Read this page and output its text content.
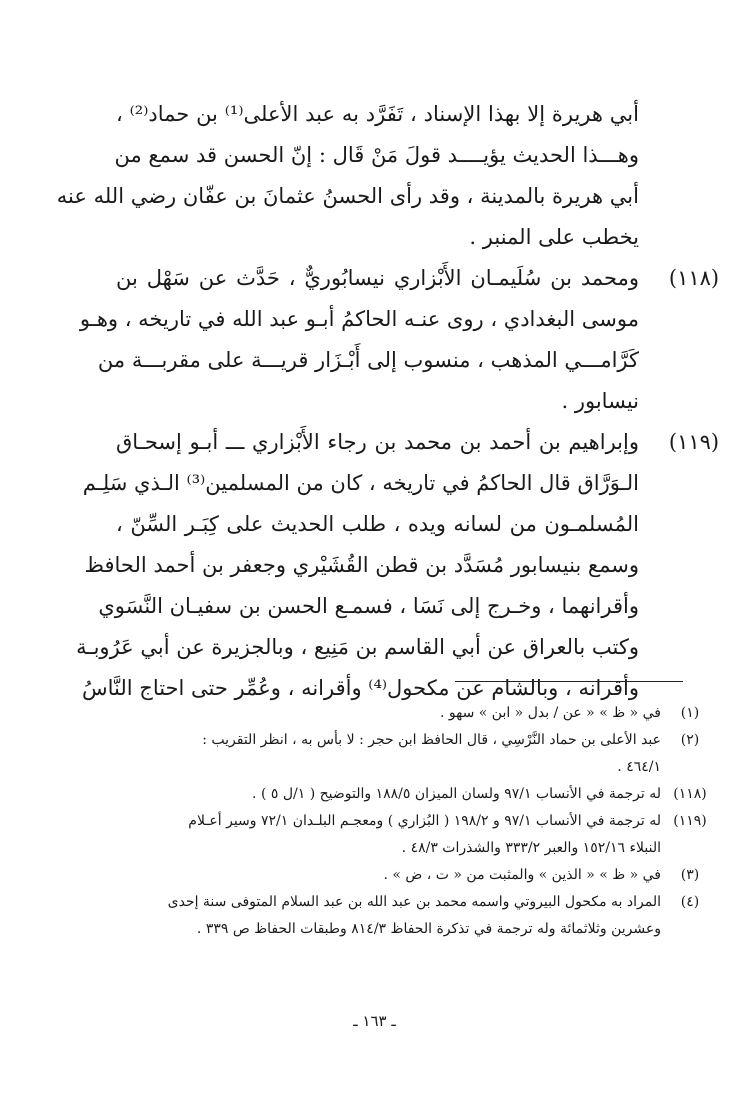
أبي هريرة إلا بهذا الإسناد ، تَفَرَّد به عبد الأعلى⁽¹⁾ بن حماد⁽²⁾ ،
وهـــذا الحديث يؤيــــد قولَ مَنْ قَال : إنّ الحسن قد سمع من
أبي هريرة بالمدينة ، وقد رأى الحسنُ عثمانَ بن عفّان رضي الله عنه
يخطب على المنبر .
(١١٨)
ومحمد بن سُلَيمـان الأَبْزاري نيسابُوريٌّ ، حَدَّث عن سَهْل بن
موسى البغدادي ، روى عنـه الحاكمُ أبـو عبد الله في تاريخه ، وهـو
كَرَّامـــي المذهب ، منسوب إلى أَبْـزَار قريـــة على مقربـــة من
نيسابور .
(١١٩)
وإبراهيم بن أحمد بن محمد بن رجاء الأَبْزاري ـــ أبـو إسحـاق
الـوَرَّاق قال الحاكمُ في تاريخه ، كان من المسلمين⁽³⁾ الـذي سَلِـم
المُسلمـون من لسانه ويده ، طلب الحديث على كِبَـر السِّنّ ،
وسمع بنيسابور مُسَدَّد بن قطن القُشَيْري وجعفر بن أحمد الحافظ
وأقرانهما ، وخـرج إلى نَسَا ، فسمـع الحسن بن سفيـان النَّسَوي
وكتب بالعراق عن أبي القاسم بن مَنِيع ، وبالجزيرة عن أبي عَرُوبـة
وأقرانه ، وبالشام عن مكحول⁽⁴⁾ وأقرانه ، وعُمِّر حتى احتاج النَّاسُ
(١)
في « ظ » « عن / بدل « ابن » سهو .
(٢)
عبد الأعلى بن حماد النَّرْسِي ، قال الحافظ ابن حجر : لا بأس به ، انظر التقريب :
٤٦٤/١ .
(١١٨)
له ترجمة في الأنساب ٩٧/١ ولسان الميزان ١٨٨/٥ والتوضيح ( ١/ل ٥ ) .
(١١٩)
له ترجمة في الأنساب ٩٧/١ و ١٩٨/٢ ( البُزاري ) ومعجـم البلـدان ٧٢/١ وسير أعـلام
النبلاء ١٥٢/١٦ والعبر ٣٣٣/٢ والشذرات ٤٨/٣ .
(٣)
في « ظ » « الذين » والمثبت من « ت ، ض » .
(٤)
المراد به مكحول البيروتي واسمه محمد بن عبد الله بن عبد السلام المتوفى سنة إحدى
وعشرين وثلاثمائة وله ترجمة في تذكرة الحفاظ ٨١٤/٣ وطبقات الحفاظ ص ٣٣٩ .
ـ ١٦٣ ـ
